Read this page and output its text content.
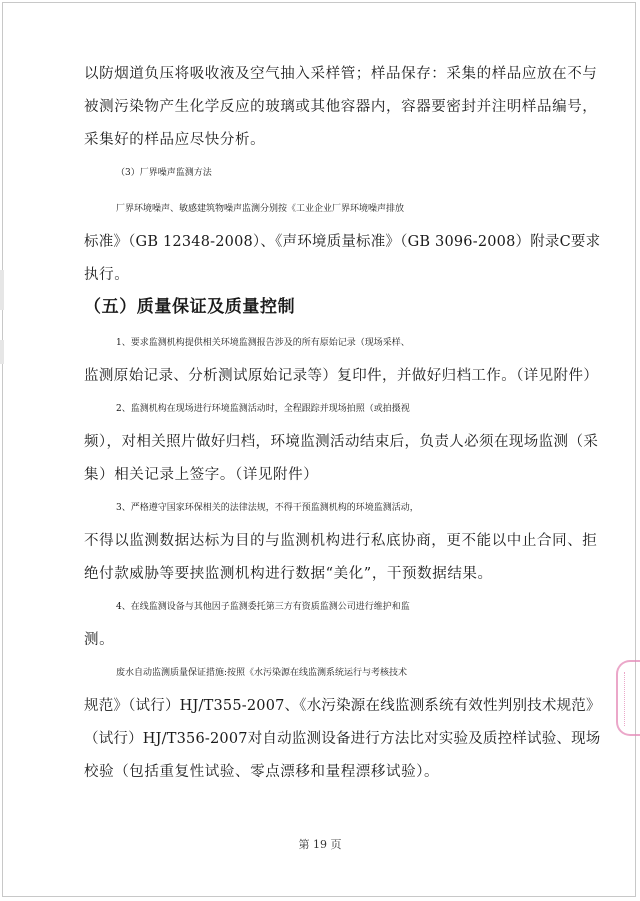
以防烟道负压将吸收液及空气抽入采样管；样品保存：采集的样品应放在不与
被测污染物产生化学反应的玻璃或其他容器内，容器要密封并注明样品编号，
采集好的样品应尽快分析。
（3）厂界噪声监测方法
厂界环境噪声、敏感建筑物噪声监测分别按《工业企业厂界环境噪声排放
标准》（GB 12348-2008）、《声环境质量标准》（GB 3096-2008）附录C要求
执行。
（五）质量保证及质量控制
1、要求监测机构提供相关环境监测报告涉及的所有原始记录（现场采样、
监测原始记录、分析测试原始记录等）复印件，并做好归档工作。（详见附件）
2、监测机构在现场进行环境监测活动时，全程跟踪并现场拍照（或拍摄视
频），对相关照片做好归档，环境监测活动结束后，负责人必须在现场监测（采
集）相关记录上签字。（详见附件）
3、严格遵守国家环保相关的法律法规，不得干预监测机构的环境监测活动，
不得以监测数据达标为目的与监测机构进行私底协商，更不能以中止合同、拒
绝付款威胁等要挟监测机构进行数据“美化”，干预数据结果。
4、在线监测设备与其他因子监测委托第三方有资质监测公司进行维护和监
测。
废水自动监测质量保证措施:按照《水污染源在线监测系统运行与考核技术
规范》（试行）HJ/T355-2007、《水污染源在线监测系统有效性判别技术规范》
（试行）HJ/T356-2007对自动监测设备进行方法比对实验及质控样试验、现场
校验（包括重复性试验、零点漂移和量程漂移试验）。
第 19 页
